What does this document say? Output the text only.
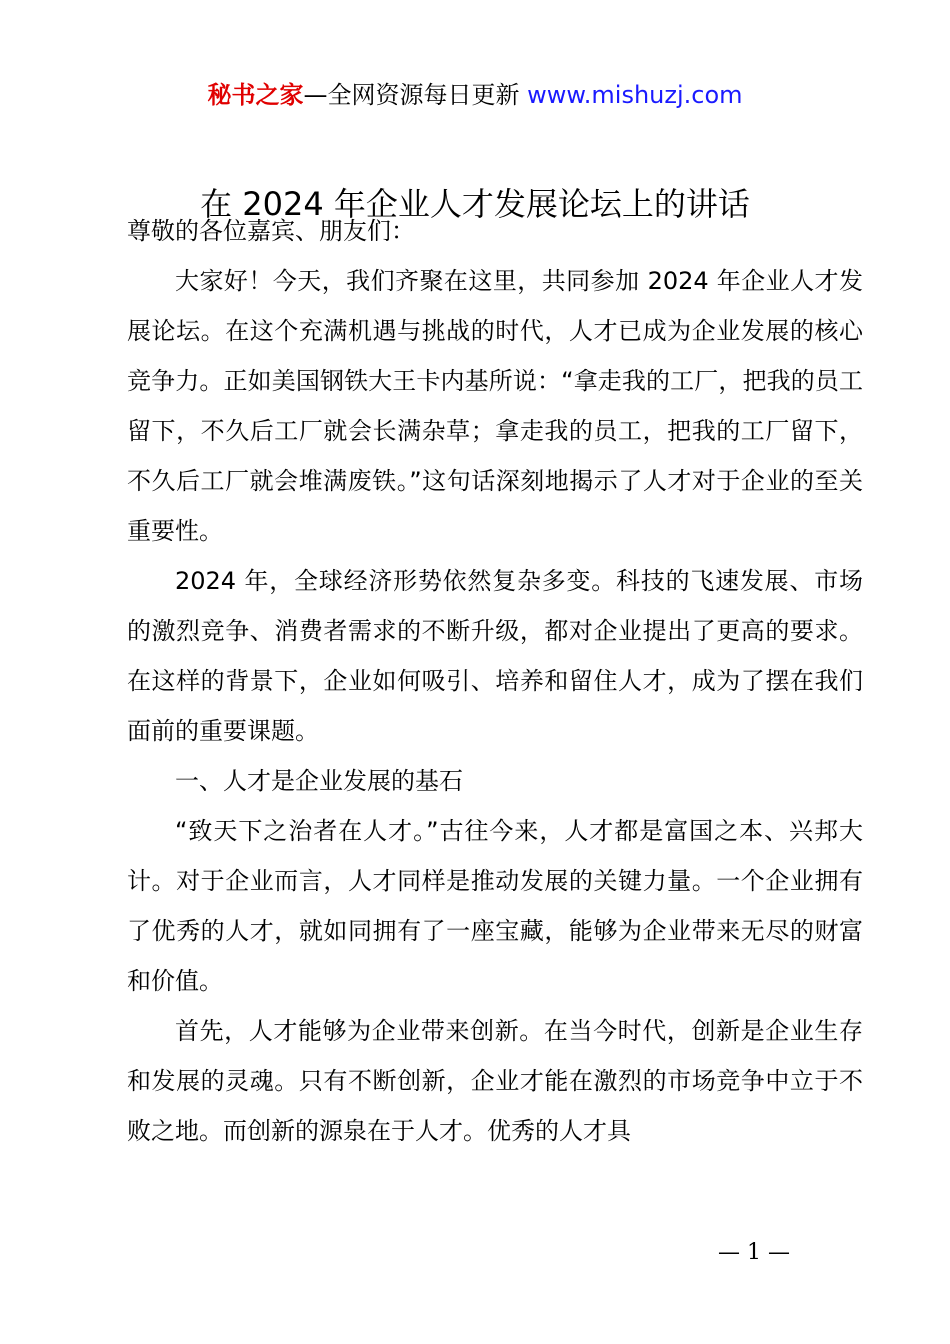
秘书之家—全网资源每日更新 www.mishuzj.com
在 2024 年企业人才发展论坛上的讲话

尊敬的各位嘉宾、朋友们：

大家好！今天，我们齐聚在这里，共同参加 2024 年企业人才发展论坛。在这个充满机遇与挑战的时代，人才已成为企业发展的核心竞争力。正如美国钢铁大王卡内基所说：“拿走我的工厂，把我的员工留下，不久后工厂就会长满杂草；拿走我的员工，把我的工厂留下，不久后工厂就会堆满废铁。”这句话深刻地揭示了人才对于企业的至关重要性。

2024 年，全球经济形势依然复杂多变。科技的飞速发展、市场的激烈竞争、消费者需求的不断升级，都对企业提出了更高的要求。在这样的背景下，企业如何吸引、培养和留住人才，成为了摆在我们面前的重要课题。

一、人才是企业发展的基石

“致天下之治者在人才。”古往今来，人才都是富国之本、兴邦大计。对于企业而言，人才同样是推动发展的关键力量。一个企业拥有了优秀的人才，就如同拥有了一座宝藏，能够为企业带来无尽的财富和价值。

首先，人才能够为企业带来创新。在当今时代，创新是企业生存和发展的灵魂。只有不断创新，企业才能在激烈的市场竞争中立于不败之地。而创新的源泉在于人才。优秀的人才具

— 1 —
